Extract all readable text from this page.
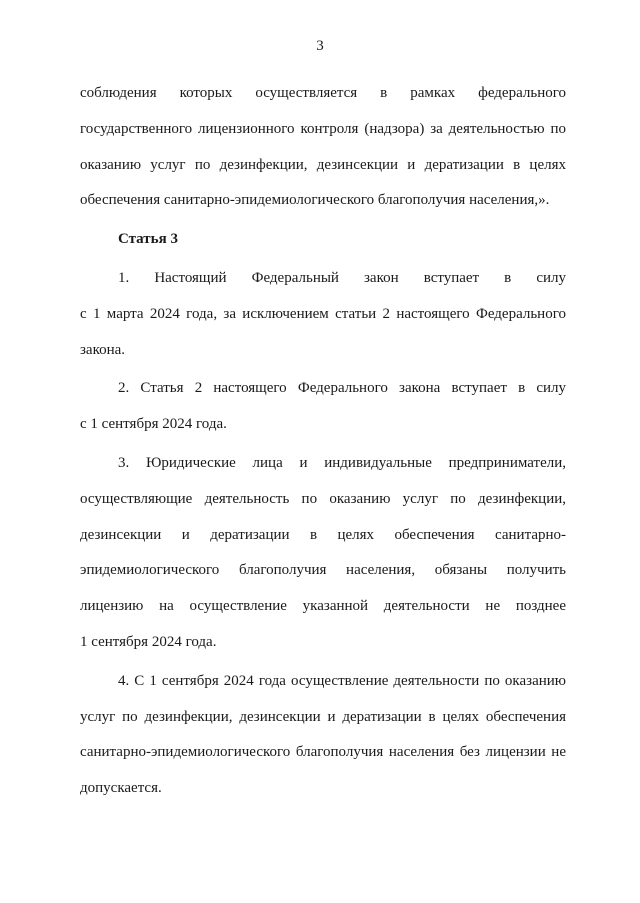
3
соблюдения которых осуществляется в рамках федерального
государственного лицензионного контроля (надзора) за деятельностью по
оказанию услуг по дезинфекции, дезинсекции и дератизации в целях
обеспечения санитарно-эпидемиологического благополучия населения,».
Статья 3
1. Настоящий Федеральный закон вступает в силу
с 1 марта 2024 года, за исключением статьи 2 настоящего Федерального
закона.
2. Статья 2 настоящего Федерального закона вступает в силу
с 1 сентября 2024 года.
3. Юридические лица и индивидуальные предприниматели,
осуществляющие деятельность по оказанию услуг по дезинфекции,
дезинсекции и дератизации в целях обеспечения санитарно-
эпидемиологического благополучия населения, обязаны получить
лицензию на осуществление указанной деятельности не позднее
1 сентября 2024 года.
4. С 1 сентября 2024 года осуществление деятельности по оказанию
услуг по дезинфекции, дезинсекции и дератизации в целях обеспечения
санитарно-эпидемиологического благополучия населения без лицензии не
допускается.
